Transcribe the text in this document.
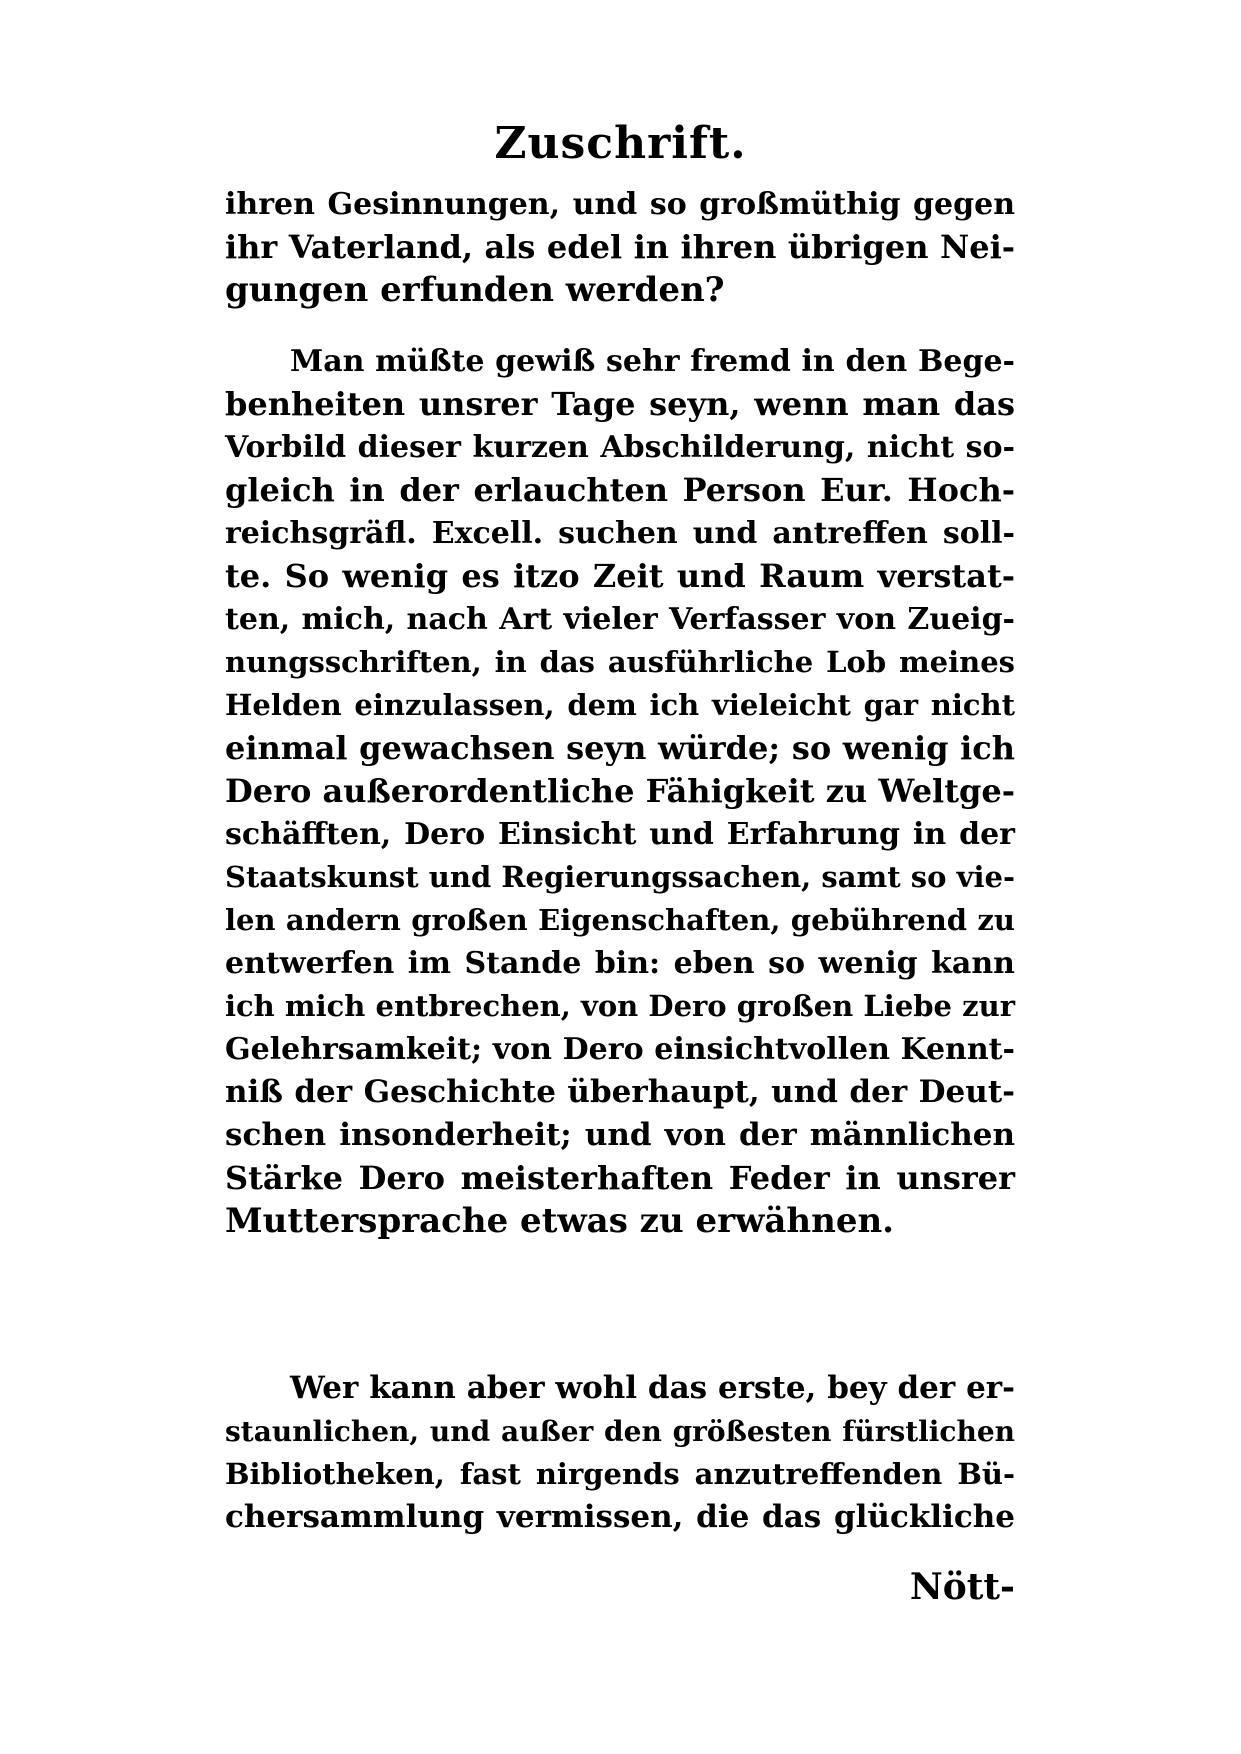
Zuschrift.
ihren Gesinnungen, und so großmüthig gegen
ihr Vaterland, als edel in ihren übrigen Nei-
gungen erfunden werden?
Man müßte gewiß sehr fremd in den Bege-
benheiten unsrer Tage seyn, wenn man das
Vorbild dieser kurzen Abschilderung, nicht so-
gleich in der erlauchten Person Eur. Hoch-
reichsgräfl. Excell. suchen und antreffen soll-
te. So wenig es itzo Zeit und Raum verstat-
ten, mich, nach Art vieler Verfasser von Zueig-
nungsschriften, in das ausführliche Lob meines
Helden einzulassen, dem ich vieleicht gar nicht
einmal gewachsen seyn würde; so wenig ich
Dero außerordentliche Fähigkeit zu Weltge-
schäfften, Dero Einsicht und Erfahrung in der
Staatskunst und Regierungssachen, samt so vie-
len andern großen Eigenschaften, gebührend zu
entwerfen im Stande bin: eben so wenig kann
ich mich entbrechen, von Dero großen Liebe zur
Gelehrsamkeit; von Dero einsichtvollen Kennt-
niß der Geschichte überhaupt, und der Deut-
schen insonderheit; und von der männlichen
Stärke Dero meisterhaften Feder in unsrer
Muttersprache etwas zu erwähnen.
Wer kann aber wohl das erste, bey der er-
staunlichen, und außer den größesten fürstlichen
Bibliotheken, fast nirgends anzutreffenden Bü-
chersammlung vermissen, die das glückliche
Nött-
